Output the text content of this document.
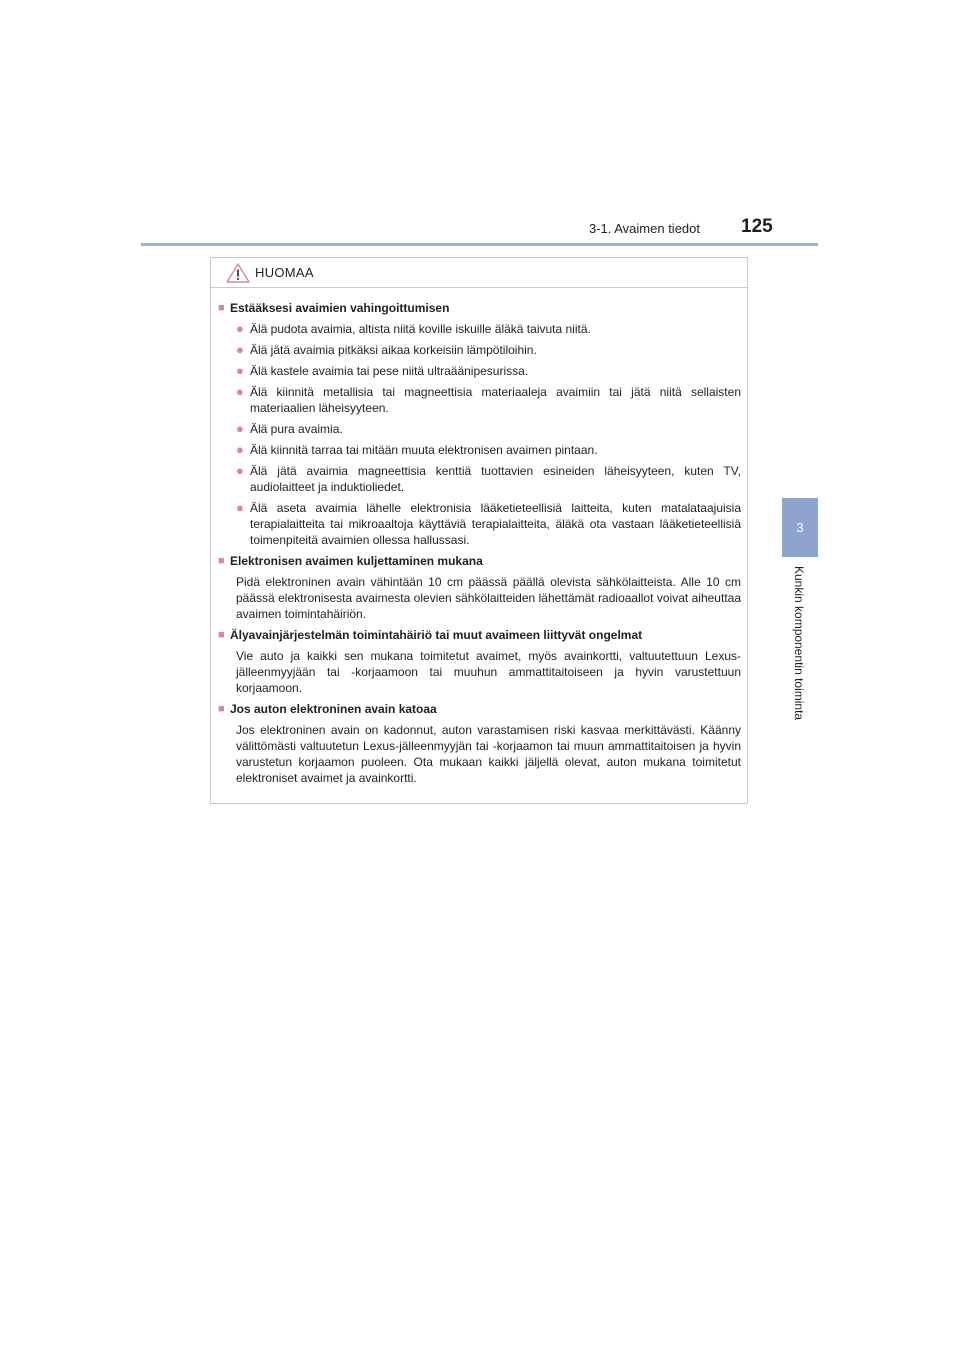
3-1. Avaimen tiedot 125
3
Kunkin komponentin toiminta
HUOMAA
■ Estääksesi avaimien vahingoittumisen
● Älä pudota avaimia, altista niitä koville iskuille äläkä taivuta niitä.
● Älä jätä avaimia pitkäksi aikaa korkeisiin lämpötiloihin.
● Älä kastele avaimia tai pese niitä ultraäänipesurissa.
● Älä kiinnitä metallisia tai magneettisia materiaaleja avaimiin tai jätä niitä sellaisten materiaalien läheisyyteen.
● Älä pura avaimia.
● Älä kiinnitä tarraa tai mitään muuta elektronisen avaimen pintaan.
● Älä jätä avaimia magneettisia kenttiä tuottavien esineiden läheisyyteen, kuten TV, audiolaitteet ja induktioliedet.
● Älä aseta avaimia lähelle elektronisia lääketieteellisiä laitteita, kuten matalataajuisia terapialaitteita tai mikroaaltoja käyttäviä terapialaitteita, äläkä ota vastaan lääketieteellisiä toimenpiteitä avaimien ollessa hallussasi.
■ Elektronisen avaimen kuljettaminen mukana

Pidä elektroninen avain vähintään 10 cm päässä päällä olevista sähkölaitteista. Alle 10 cm päässä elektronisesta avaimesta olevien sähkölaitteiden lähettämät radioaallot voivat aiheuttaa avaimen toimintahäiriön.

■ Älyavainjärjestelmän toimintahäiriö tai muut avaimeen liittyvät ongelmat

Vie auto ja kaikki sen mukana toimitetut avaimet, myös avainkortti, valtuutettuun Lexus-jälleenmyyjään tai -korjaamoon tai muuhun ammattitaitoiseen ja hyvin varustettuun korjaamoon.

■ Jos auton elektroninen avain katoaa

Jos elektroninen avain on kadonnut, auton varastamisen riski kasvaa merkittävästi. Käänny välittömästi valtuutetun Lexus-jälleenmyyjän tai -korjaamon tai muun ammattitaitoisen ja hyvin varustetun korjaamon puoleen. Ota mukaan kaikki jäljellä olevat, auton mukana toimitetut elektroniset avaimet ja avainkortti.
